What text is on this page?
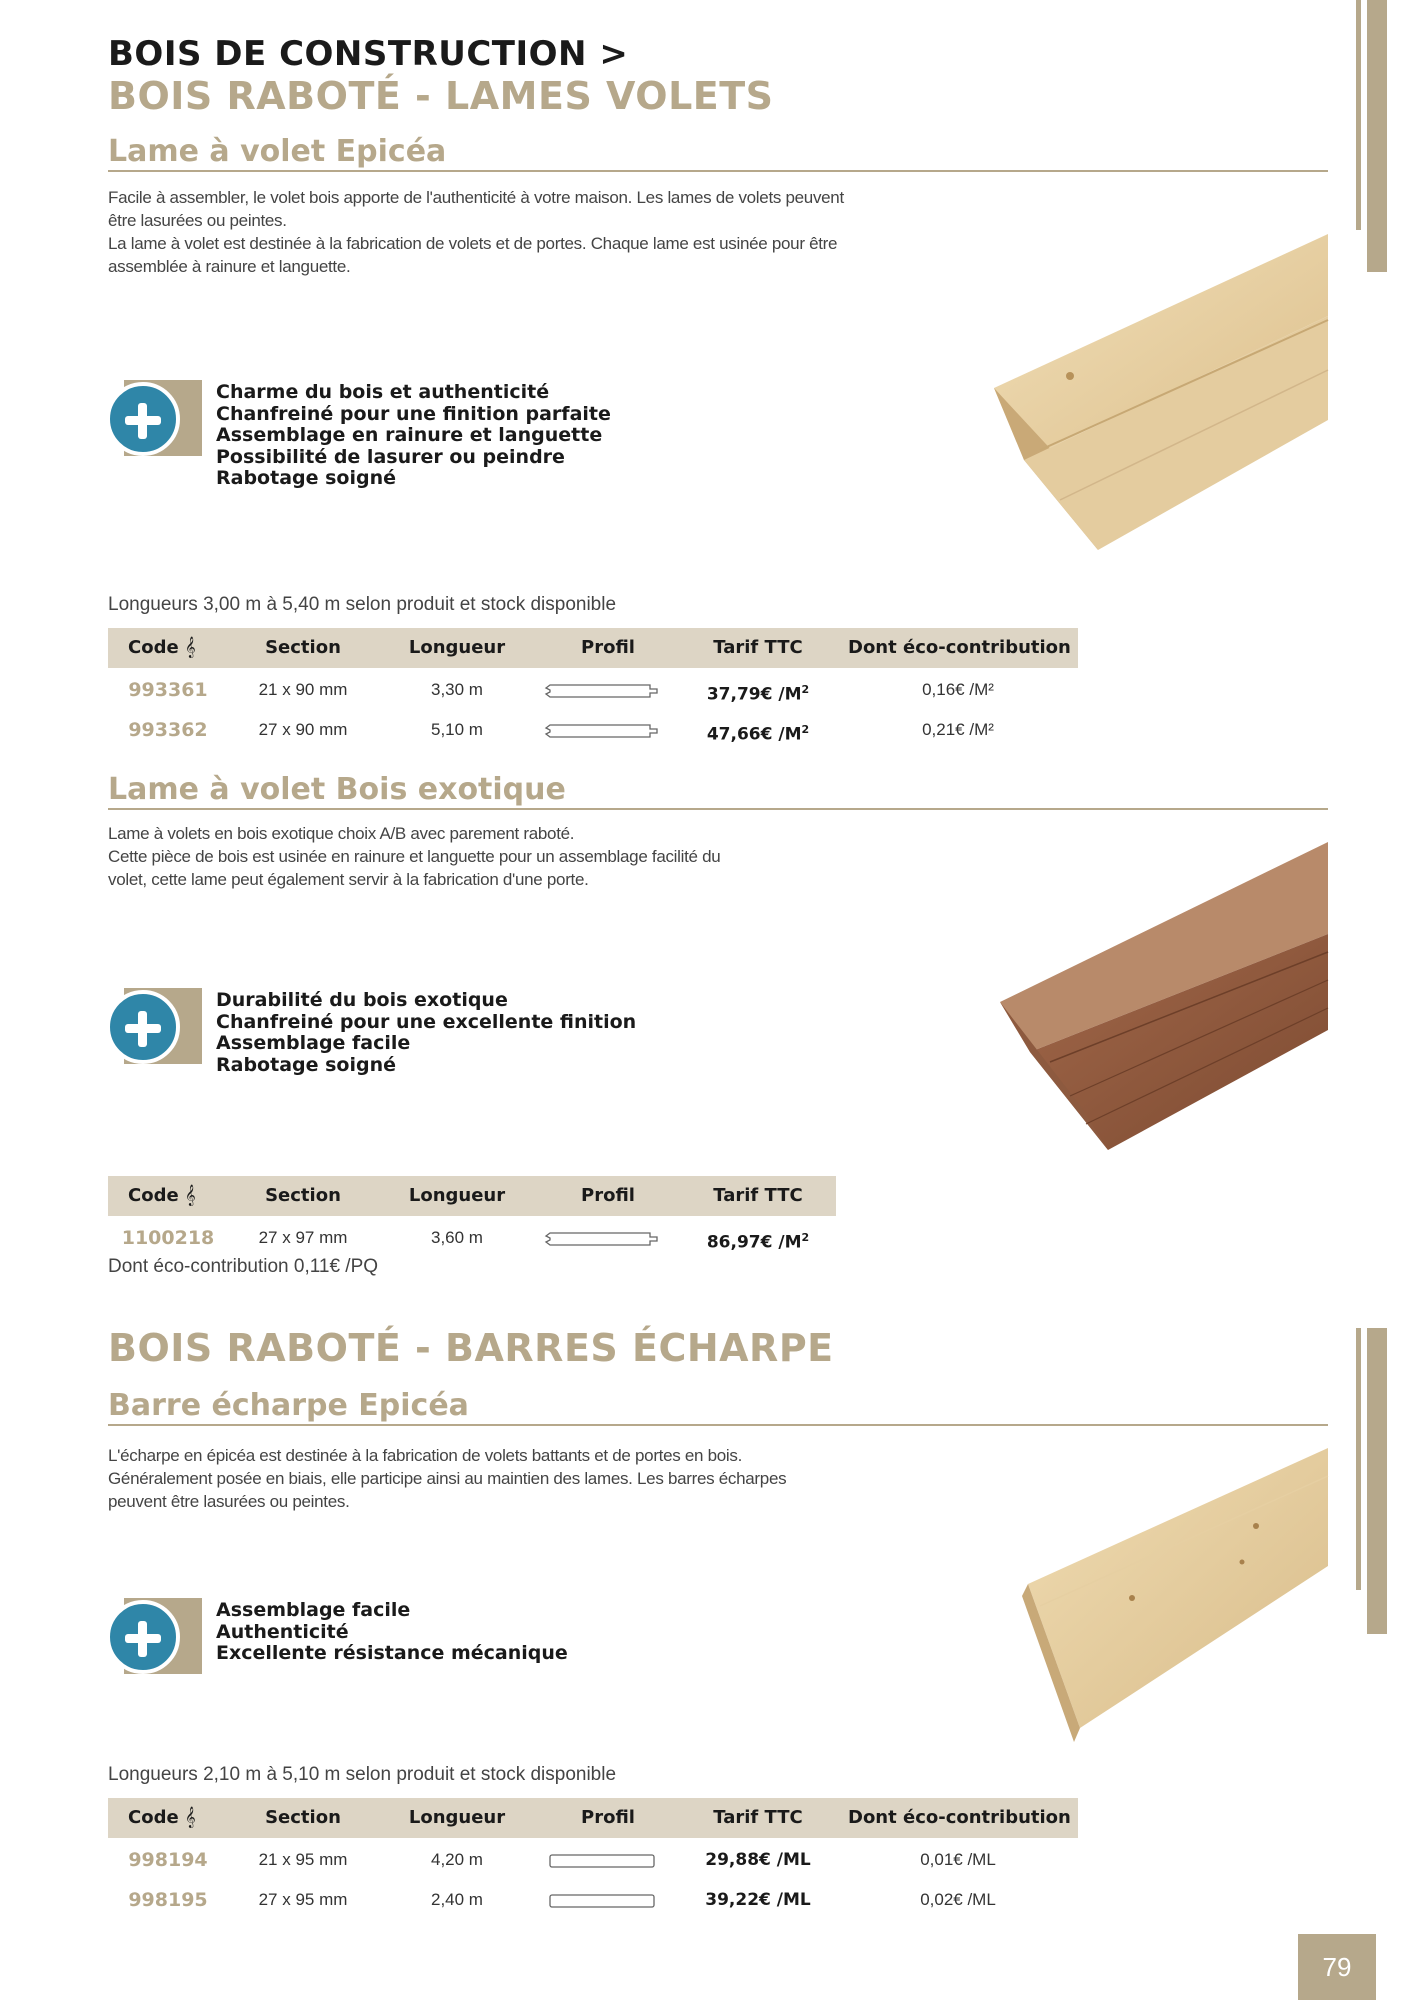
BOIS DE CONSTRUCTION >
BOIS RABOTÉ - LAMES VOLETS
Lame à volet Epicéa
Facile à assembler, le volet bois apporte de l'authenticité à votre maison. Les lames de volets peuvent
être lasurées ou peintes.
La lame à volet est destinée à la fabrication de volets et de portes. Chaque lame est usinée pour être
assemblée à rainure et languette.
Charme du bois et authenticité
Chanfreiné pour une finition parfaite
Assemblage en rainure et languette
Possibilité de lasurer ou peindre
Rabotage soigné
Longueurs 3,00 m à 5,40 m selon produit et stock disponible
Code 𝄞	Section	Longueur	Profil	Tarif TTC	Dont éco-contribution
993361	21 x 90 mm	3,30 m	37,79€ $/M^2$	0,16€ /M²
993362	27 x 90 mm	5,10 m	47,66€ $/M^2$	0,21€ /M²
Lame à volet Bois exotique
Lame à volets en bois exotique choix A/B avec parement raboté.
Cette pièce de bois est usinée en rainure et languette pour un assemblage facilité du
volet, cette lame peut également servir à la fabrication d'une porte.
Durabilité du bois exotique
Chanfreiné pour une excellente finition
Assemblage facile
Rabotage soigné
Code 𝄞	Section	Longueur	Profil	Tarif TTC
1100218	27 x 97 mm	3,60 m	86,97€ $/M^2$
Dont éco-contribution 0,11€ /PQ
BOIS RABOTÉ - BARRES ÉCHARPE
Barre écharpe Epicéa
L'écharpe en épicéa est destinée à la fabrication de volets battants et de portes en bois.
Généralement posée en biais, elle participe ainsi au maintien des lames. Les barres écharpes
peuvent être lasurées ou peintes.
Assemblage facile
Authenticité
Excellente résistance mécanique
Longueurs 2,10 m à 5,10 m selon produit et stock disponible
Code 𝄞	Section	Longueur	Profil	Tarif TTC	Dont éco-contribution
998194	21 x 95 mm	4,20 m	29,88€ /ML	0,01€ /ML
998195	27 x 95 mm	2,40 m	39,22€ /ML	0,02€ /ML
79
